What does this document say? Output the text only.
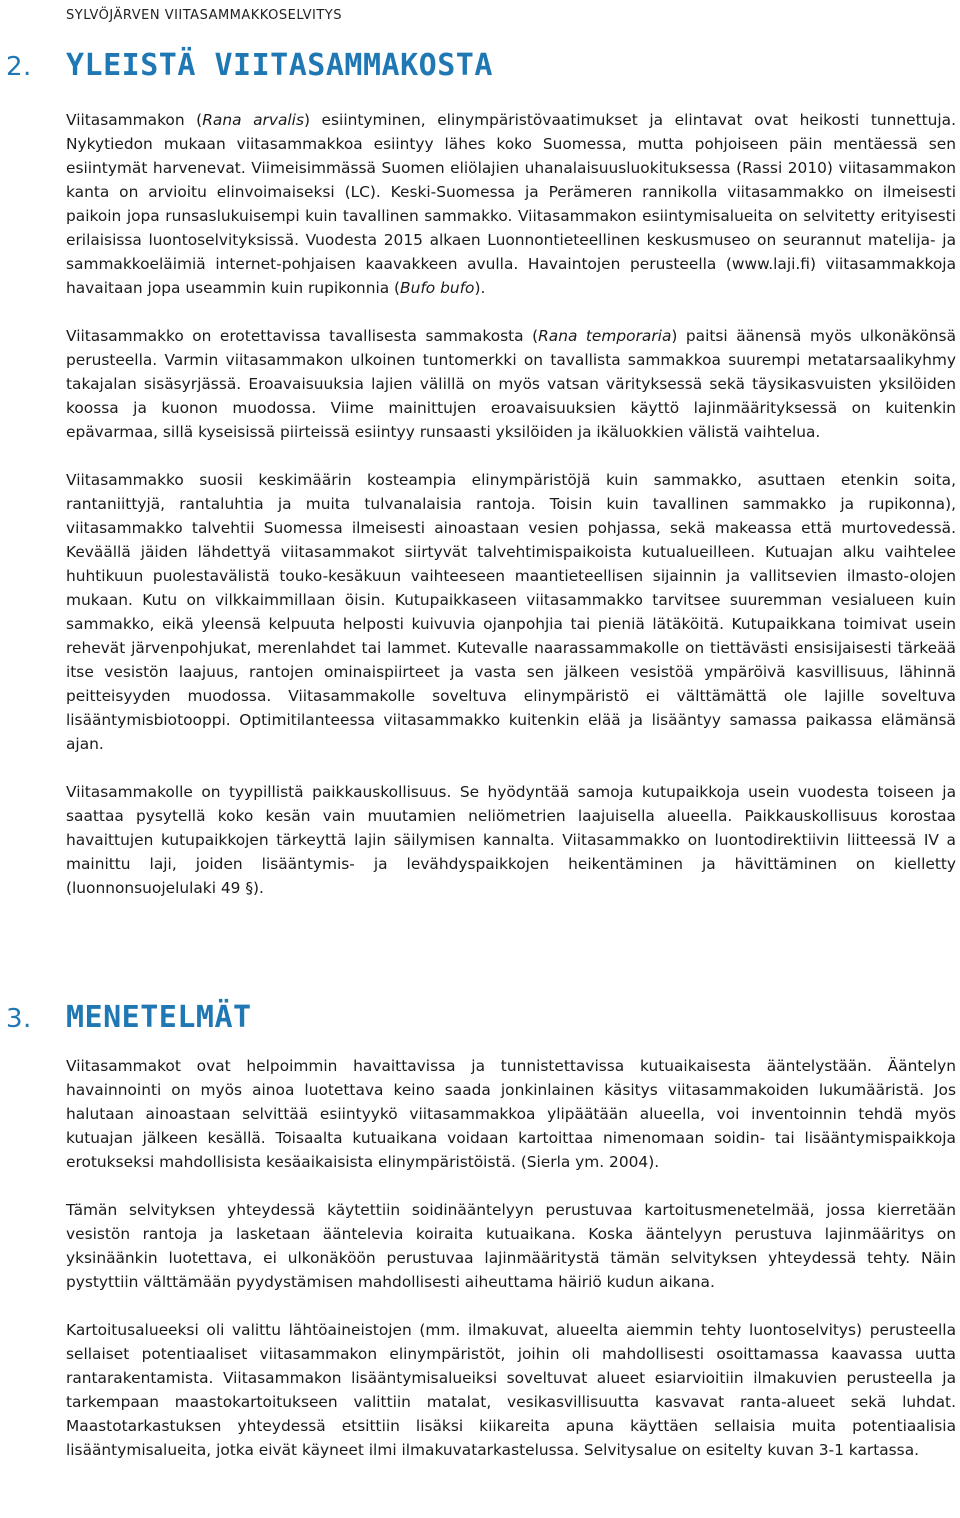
SYLVÖJÄRVEN VIITASAMMAKKOSELVITYS
2. YLEISTÄ VIITASAMMAKOSTA

Viitasammakon (Rana arvalis) esiintyminen, elinympäristövaatimukset ja elintavat ovat heikosti tunnettuja. Nykytiedon mukaan viitasammakkoa esiintyy lähes koko Suomessa, mutta pohjoiseen päin mentäessä sen esiintymät harvenevat. Viimeisimmässä Suomen eliölajien uhanalaisuusluokituksessa (Rassi 2010) viitasammakon kanta on arvioitu elinvoimaiseksi (LC). Keski-Suomessa ja Perämeren rannikolla viitasammakko on ilmeisesti paikoin jopa runsaslukuisempi kuin tavallinen sammakko. Viitasammakon esiintymisalueita on selvitetty erityisesti erilaisissa luontoselvityksissä. Vuodesta 2015 alkaen Luonnontieteellinen keskusmuseo on seurannut matelija- ja sammakkoeläimiä internet-pohjaisen kaavakkeen avulla. Havaintojen perusteella (www.laji.fi) viitasammakkoja havaitaan jopa useammin kuin rupikonnia (Bufo bufo).

Viitasammakko on erotettavissa tavallisesta sammakosta (Rana temporaria) paitsi äänensä myös ulkonäkönsä perusteella. Varmin viitasammakon ulkoinen tuntomerkki on tavallista sammakkoa suurempi metatarsaalikyhmy takajalan sisäsyrjässä. Eroavaisuuksia lajien välillä on myös vatsan värityksessä sekä täysikasvuisten yksilöiden koossa ja kuonon muodossa. Viime mainittujen eroavaisuuksien käyttö lajinmäärityksessä on kuitenkin epävarmaa, sillä kyseisissä piirteissä esiintyy runsaasti yksilöiden ja ikäluokkien välistä vaihtelua.

Viitasammakko suosii keskimäärin kosteampia elinympäristöjä kuin sammakko, asuttaen etenkin soita, rantaniittyjä, rantaluhtia ja muita tulvanalaisia rantoja. Toisin kuin tavallinen sammakko ja rupikonna), viitasammakko talvehtii Suomessa ilmeisesti ainoastaan vesien pohjassa, sekä makeassa että murtovedessä. Keväällä jäiden lähdettyä viitasammakot siirtyvät talvehtimispaikoista kutualueilleen. Kutuajan alku vaihtelee huhtikuun puolestavälistä touko-kesäkuun vaihteeseen maantieteellisen sijainnin ja vallitsevien ilmasto-olojen mukaan. Kutu on vilkkaimmillaan öisin. Kutupaikkaseen viitasammakko tarvitsee suuremman vesialueen kuin sammakko, eikä yleensä kelpuuta helposti kuivuvia ojanpohjia tai pieniä lätäköitä. Kutupaikkana toimivat usein rehevät järvenpohjukat, merenlahdet tai lammet. Kutevalle naarassammakolle on tiettävästi ensisijaisesti tärkeää itse vesistön laajuus, rantojen ominaispiirteet ja vasta sen jälkeen vesistöä ympäröivä kasvillisuus, lähinnä peitteisyyden muodossa. Viitasammakolle soveltuva elinympäristö ei välttämättä ole lajille soveltuva lisääntymisbiotooppi. Optimitilanteessa viitasammakko kuitenkin elää ja lisääntyy samassa paikassa elämänsä ajan.

Viitasammakolle on tyypillistä paikkauskollisuus. Se hyödyntää samoja kutupaikkoja usein vuodesta toiseen ja saattaa pysytellä koko kesän vain muutamien neliömetrien laajuisella alueella. Paikkauskollisuus korostaa havaittujen kutupaikkojen tärkeyttä lajin säilymisen kannalta. Viitasammakko on luontodirektiivin liitteessä IV a mainittu laji, joiden lisääntymis- ja levähdyspaikkojen heikentäminen ja hävittäminen on kielletty (luonnonsuojelulaki 49 §).

3. MENETELMÄT

Viitasammakot ovat helpoimmin havaittavissa ja tunnistettavissa kutuaikaisesta ääntelystään. Ääntelyn havainnointi on myös ainoa luotettava keino saada jonkinlainen käsitys viitasammakoiden lukumääristä. Jos halutaan ainoastaan selvittää esiintyykö viitasammakkoa ylipäätään alueella, voi inventoinnin tehdä myös kutuajan jälkeen kesällä. Toisaalta kutuaikana voidaan kartoittaa nimenomaan soidin- tai lisääntymispaikkoja erotukseksi mahdollisista kesäaikaisista elinympäristöistä. (Sierla ym. 2004).

Tämän selvityksen yhteydessä käytettiin soidinääntelyyn perustuvaa kartoitusmenetelmää, jossa kierretään vesistön rantoja ja lasketaan ääntelevia koiraita kutuaikana. Koska ääntelyyn perustuva lajinmääritys on yksinäänkin luotettava, ei ulkonäköön perustuvaa lajinmääritystä tämän selvityksen yhteydessä tehty. Näin pystyttiin välttämään pyydystämisen mahdollisesti aiheuttama häiriö kudun aikana.

Kartoitusalueeksi oli valittu lähtöaineistojen (mm. ilmakuvat, alueelta aiemmin tehty luontoselvitys) perusteella sellaiset potentiaaliset viitasammakon elinympäristöt, joihin oli mahdollisesti osoittamassa kaavassa uutta rantarakentamista. Viitasammakon lisääntymisalueiksi soveltuvat alueet esiarvioitiin ilmakuvien perusteella ja tarkempaan maastokartoitukseen valittiin matalat, vesikasvillisuutta kasvavat ranta-alueet sekä luhdat. Maastotarkastuksen yhteydessä etsittiin lisäksi kiikareita apuna käyttäen sellaisia muita potentiaalisia lisääntymisalueita, jotka eivät käyneet ilmi ilmakuvatarkastelussa. Selvitysalue on esitelty kuvan 3-1 kartassa.
